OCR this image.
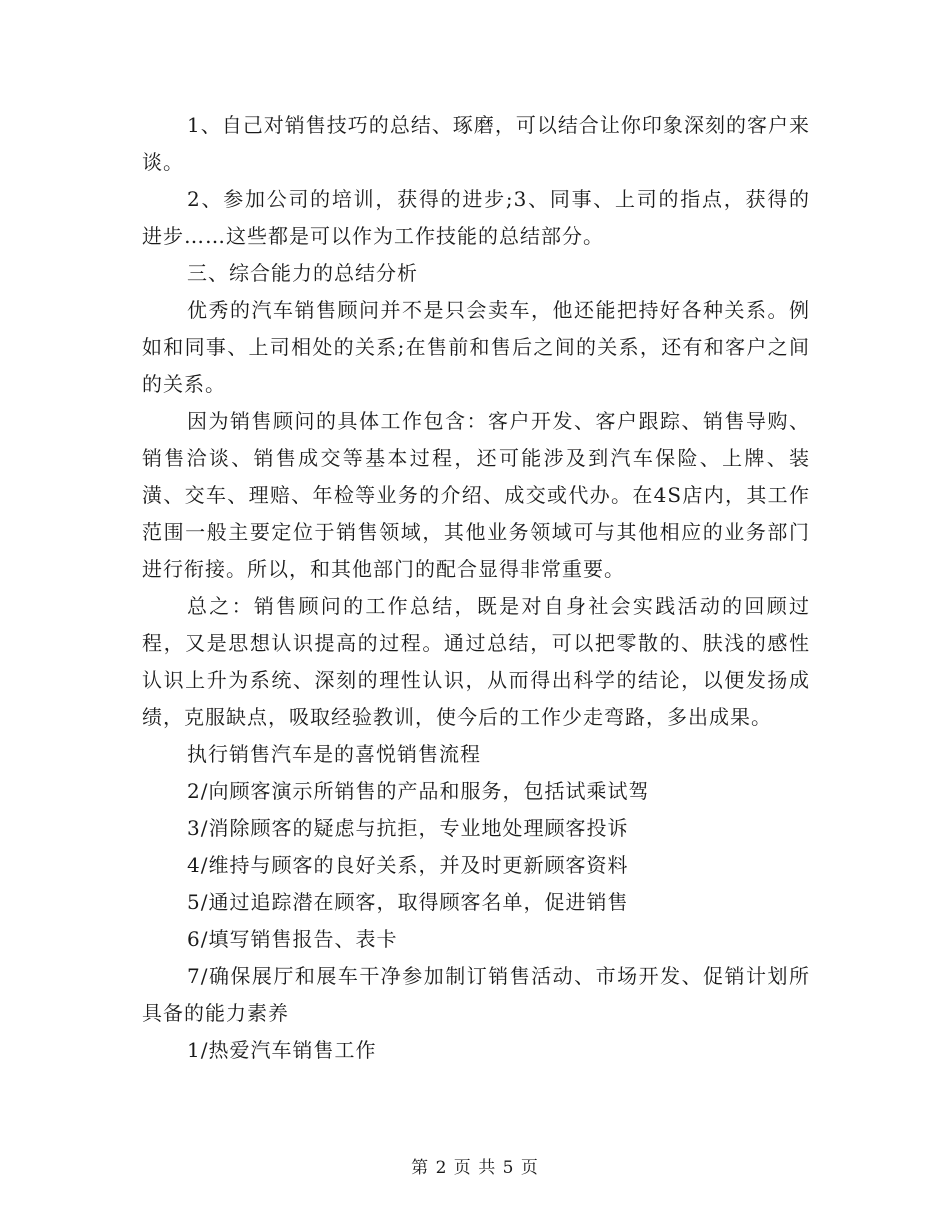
1、自己对销售技巧的总结、琢磨，可以结合让你印象深刻的客户来谈。

2、参加公司的培训，获得的进步;3、同事、上司的指点，获得的进步……这些都是可以作为工作技能的总结部分。

三、综合能力的总结分析

优秀的汽车销售顾问并不是只会卖车，他还能把持好各种关系。例如和同事、上司相处的关系;在售前和售后之间的关系，还有和客户之间的关系。

因为销售顾问的具体工作包含：客户开发、客户跟踪、销售导购、销售洽谈、销售成交等基本过程，还可能涉及到汽车保险、上牌、装潢、交车、理赔、年检等业务的介绍、成交或代办。在4S店内，其工作范围一般主要定位于销售领域，其他业务领域可与其他相应的业务部门进行衔接。所以，和其他部门的配合显得非常重要。

总之：销售顾问的工作总结，既是对自身社会实践活动的回顾过程，又是思想认识提高的过程。通过总结，可以把零散的、肤浅的感性认识上升为系统、深刻的理性认识，从而得出科学的结论，以便发扬成绩，克服缺点，吸取经验教训，使今后的工作少走弯路，多出成果。

执行销售汽车是的喜悦销售流程

2/向顾客演示所销售的产品和服务，包括试乘试驾

3/消除顾客的疑虑与抗拒，专业地处理顾客投诉

4/维持与顾客的良好关系，并及时更新顾客资料

5/通过追踪潜在顾客，取得顾客名单，促进销售

6/填写销售报告、表卡

7/确保展厅和展车干净参加制订销售活动、市场开发、促销计划所具备的能力素养

1/热爱汽车销售工作

第 2 页 共 5 页
